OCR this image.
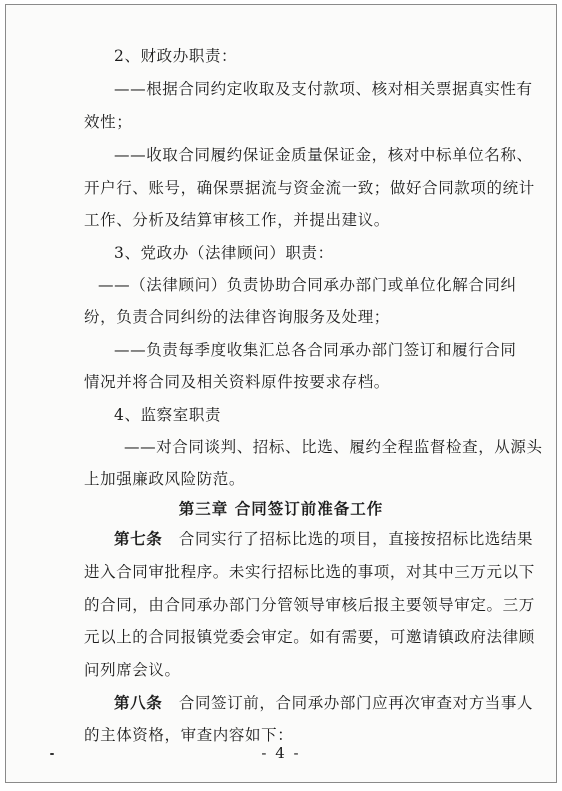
2、财政办职责：
——根据合同约定收取及支付款项、核对相关票据真实性有
效性；
——收取合同履约保证金质量保证金，核对中标单位名称、
开户行、账号，确保票据流与资金流一致；做好合同款项的统计
工作、分析及结算审核工作，并提出建议。
3、党政办（法律顾问）职责：
——（法律顾问）负责协助合同承办部门或单位化解合同纠
纷，负责合同纠纷的法律咨询服务及处理；
——负责每季度收集汇总各合同承办部门签订和履行合同
情况并将合同及相关资料原件按要求存档。
4、监察室职责
——对合同谈判、招标、比选、履约全程监督检查，从源头
上加强廉政风险防范。
第三章 合同签订前准备工作
第七条 合同实行了招标比选的项目，直接按招标比选结果
进入合同审批程序。未实行招标比选的事项，对其中三万元以下
的合同，由合同承办部门分管领导审核后报主要领导审定。三万
元以上的合同报镇党委会审定。如有需要，可邀请镇政府法律顾
问列席会议。
第八条 合同签订前，合同承办部门应再次审查对方当事人
的主体资格，审查内容如下：
- 4 -
